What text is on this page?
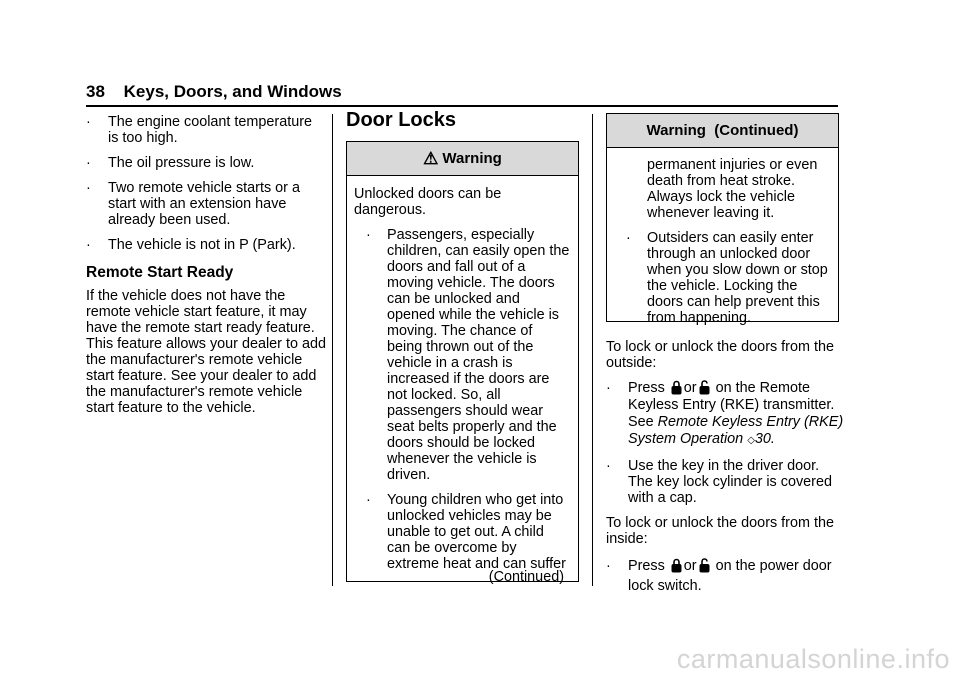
38 Keys, Doors, and Windows
· The engine coolant temperature is too high.
· The oil pressure is low.
· Two remote vehicle starts or a start with an extension have already been used.
· The vehicle is not in P (Park).
Remote Start Ready

If the vehicle does not have the remote vehicle start feature, it may have the remote start ready feature. This feature allows your dealer to add the manufacturer's remote vehicle start feature. See your dealer to add the manufacturer's remote vehicle start feature to the vehicle.

Door Locks
⚠ Warning

Unlocked doors can be dangerous.

· Passengers, especially children, can easily open the doors and fall out of a moving vehicle. The doors can be unlocked and opened while the vehicle is moving. The chance of being thrown out of the vehicle in a crash is increased if the doors are not locked. So, all passengers should wear seat belts properly and the doors should be locked whenever the vehicle is driven.
· Young children who get into unlocked vehicles may be unable to get out. A child can be overcome by extreme heat and can suffer
(Continued)
Warning  (Continued)

permanent injuries or even death from heat stroke. Always lock the vehicle whenever leaving it.

· Outsiders can easily enter through an unlocked door when you slow down or stop the vehicle. Locking the doors can help prevent this from happening.

To lock or unlock the doors from the outside:

· Press or on the Remote Keyless Entry (RKE) transmitter. See Remote Keyless Entry (RKE) System Operation ◇30.
· Use the key in the driver door. The key lock cylinder is covered with a cap.

To lock or unlock the doors from the inside:

· Press or on the power door lock switch.
carmanualsonline.info
